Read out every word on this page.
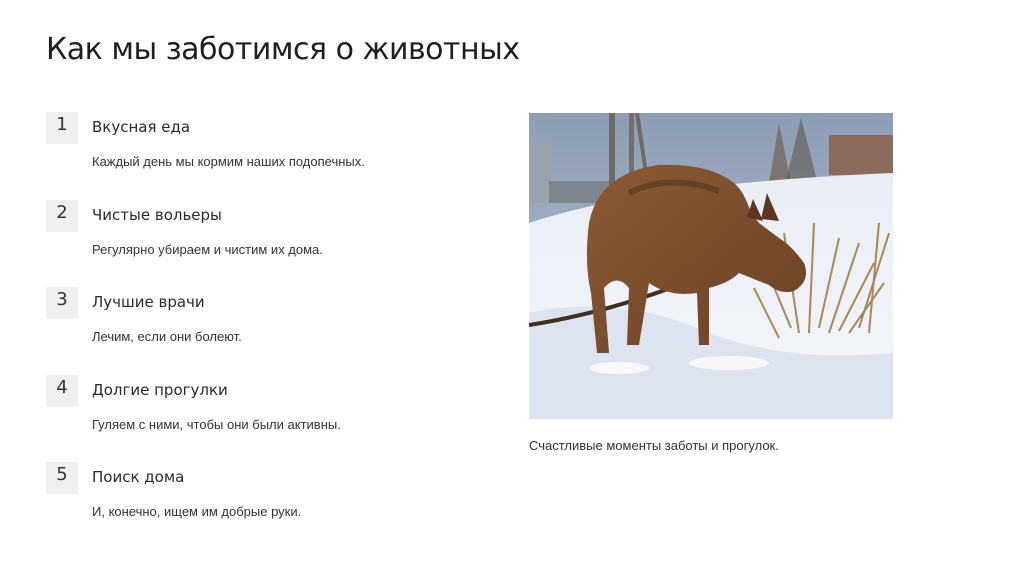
Как мы заботимся о животных
1	Вкусная еда
Каждый день мы кормим наших подопечных.
2	Чистые вольеры
Регулярно убираем и чистим их дома.
3	Лучшие врачи
Лечим, если они болеют.
4	Долгие прогулки
Гуляем с ними, чтобы они были активны.
5	Поиск дома
И, конечно, ищем им добрые руки.
Счастливые моменты заботы и прогулок.
